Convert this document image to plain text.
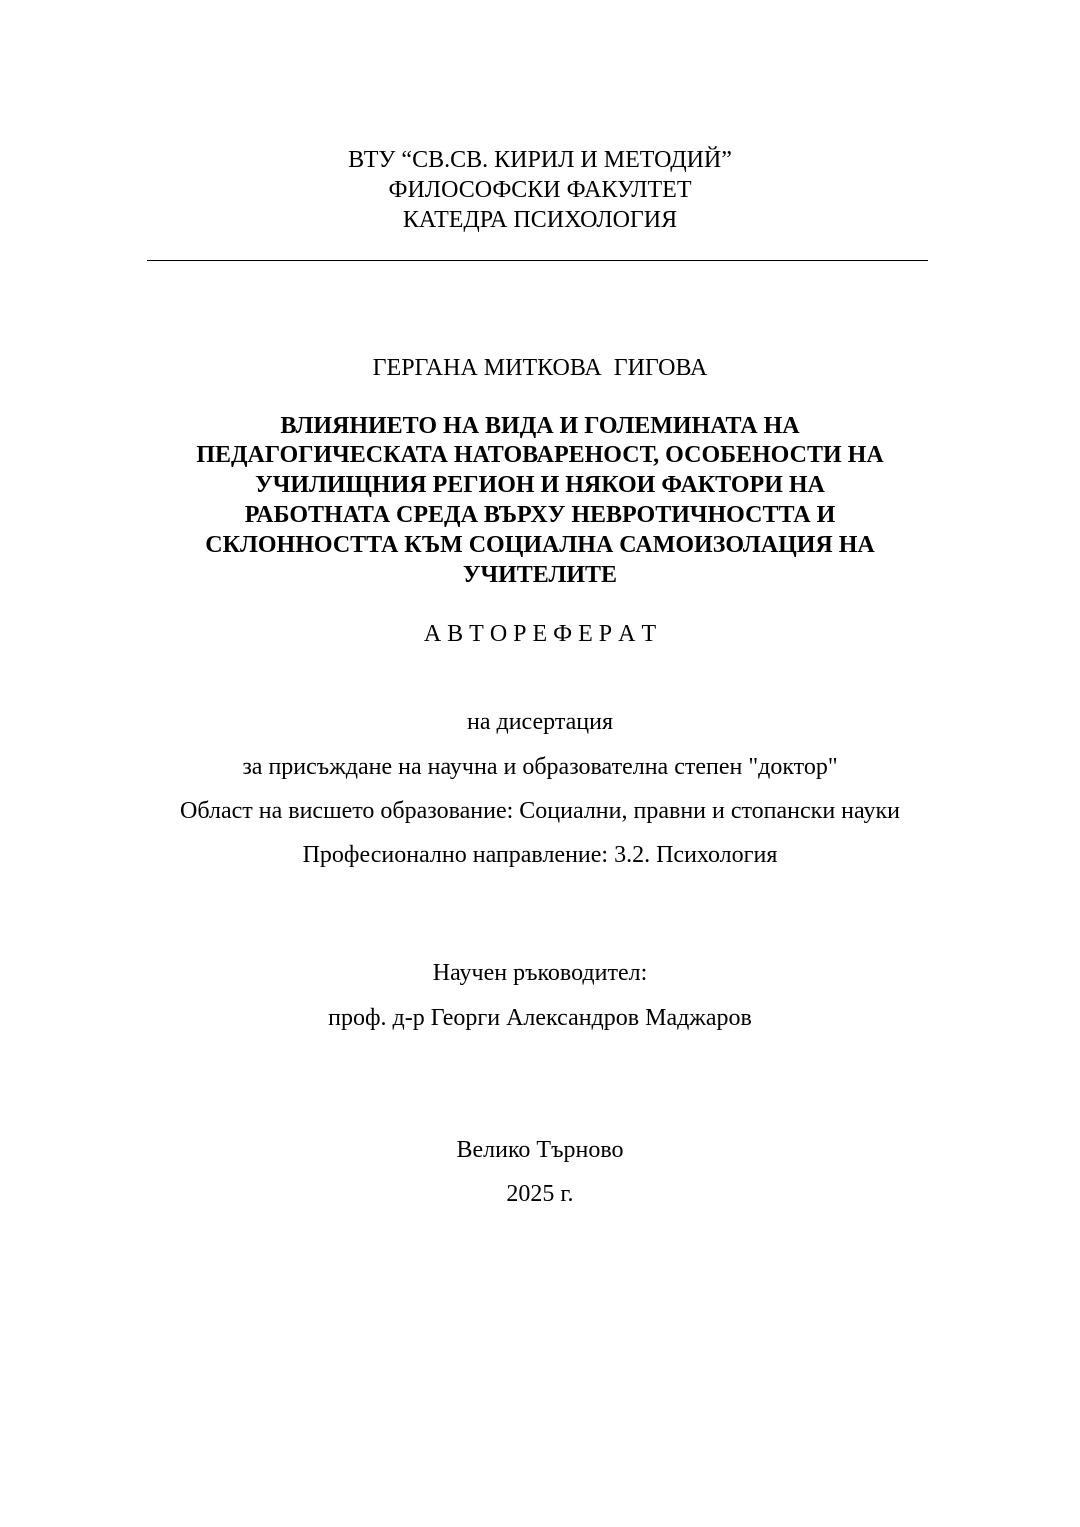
ВТУ “СВ.СВ. КИРИЛ И МЕТОДИЙ”
ФИЛОСОФСКИ ФАКУЛТЕТ
КАТЕДРА ПСИХОЛОГИЯ
ГЕРГАНА МИТКОВА  ГИГОВА
ВЛИЯНИЕТО НА ВИДА И ГОЛЕМИНАТА НА
ПЕДАГОГИЧЕСКАТА НАТОВАРЕНОСТ, ОСОБЕНОСТИ НА
УЧИЛИЩНИЯ РЕГИОН И НЯКОИ ФАКТОРИ НА
РАБОТНАТА СРЕДА ВЪРХУ НЕВРОТИЧНОСТТА И
СКЛОННОСТТА КЪМ СОЦИАЛНА САМОИЗОЛАЦИЯ НА
УЧИТЕЛИТЕ
А В Т О Р Е Ф Е Р А Т
на дисертация
за присъждане на научна и образователна степен "доктор"
Област на висшето образование: Социални, правни и стопански науки
Професионално направление: 3.2. Психология
Научен ръководител:
проф. д-р Георги Александров Маджаров
Велико Търново
2025 г.
